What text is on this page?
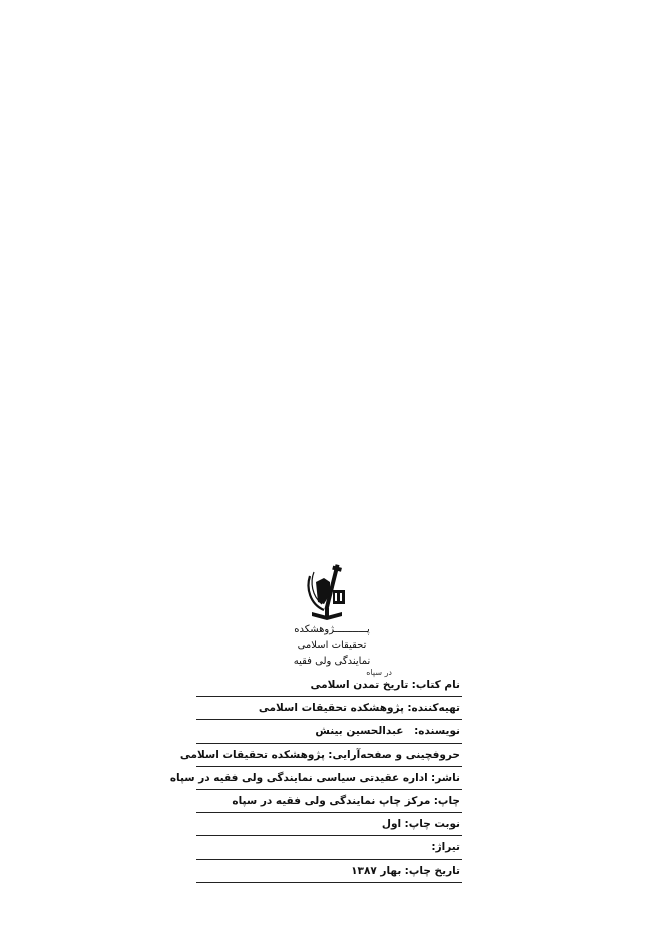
پـــــــــــژوهشکده
تحقیقات اسلامی
نمایندگی ولی فقیه
در سپاه
نام کتاب: تاریخ تمدن اسلامی
تهیه‌کننده: پژوهشکده تحقیقات اسلامی
نویسنده:   عبدالحسین بینش
حروفچینی و صفحه‌آرایی: پژوهشکده تحقیقات اسلامی
ناشر: اداره عقیدتی سیاسی نمایندگی ولی فقیه در سپاه
چاپ: مرکز چاپ نمایندگی ولی فقیه در سپاه
نوبت چاپ: اول
تیراژ:
تاریخ چاپ: بهار ۱۳۸۷
